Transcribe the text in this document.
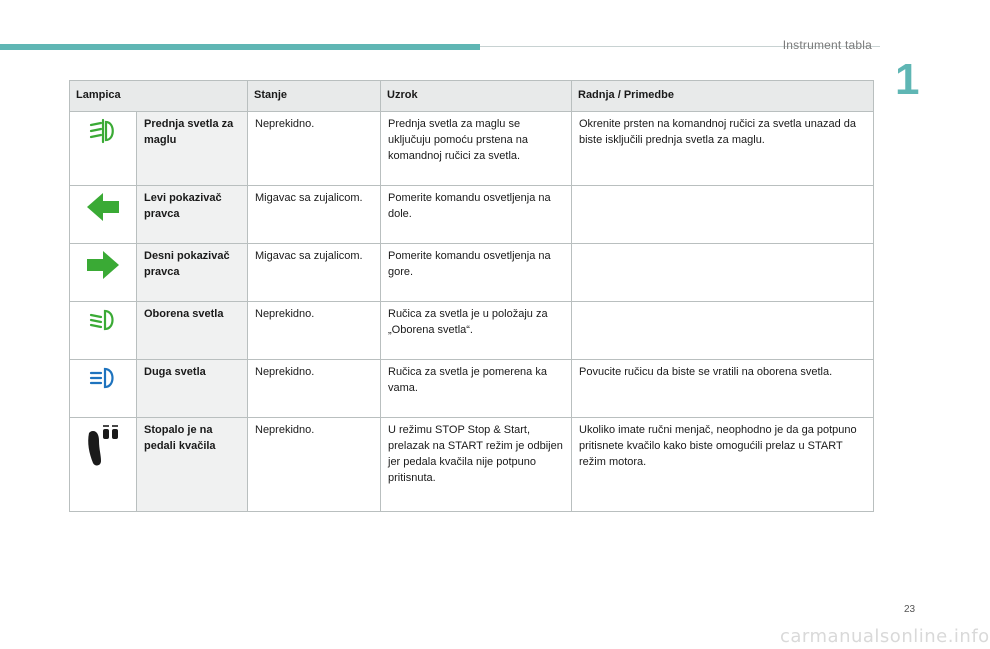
Instrument tabla
1
Lampica		Stanje	Uzrok	Radnja / Primedbe
	Prednja svetla za maglu	Neprekidno.	Prednja svetla za maglu se uključuju pomoću prstena na komandnoj ručici za svetla.	Okrenite prsten na komandnoj ručici za svetla unazad da biste isključili prednja svetla za maglu.
	Levi pokazivač pravca	Migavac sa zujalicom.	Pomerite komandu osvetljenja na dole.	
	Desni pokazivač pravca	Migavac sa zujalicom.	Pomerite komandu osvetljenja na gore.	
	Oborena svetla	Neprekidno.	Ručica za svetla je u položaju za „Oborena svetla“.	
	Duga svetla	Neprekidno.	Ručica za svetla je pomerena ka vama.	Povucite ručicu da biste se vratili na oborena svetla.
	Stopalo je na pedali kvačila	Neprekidno.	U režimu STOP Stop & Start, prelazak na START režim je odbijen jer pedala kvačila nije potpuno pritisnuta.	Ukoliko imate ručni menjač, neophodno je da ga potpuno pritisnete kvačilo kako biste omogućili prelaz u START režim motora.
23
carmanualsonline.info
